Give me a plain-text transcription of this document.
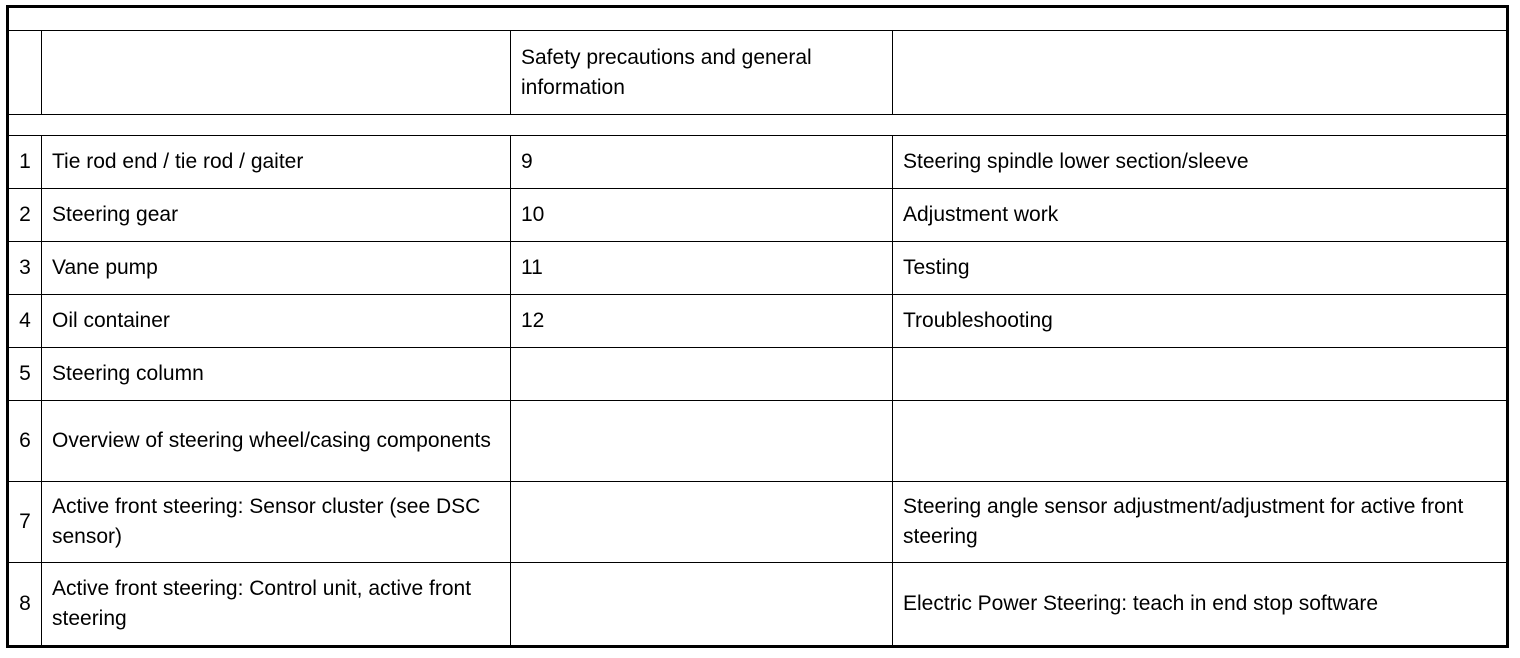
		Safety precautions and general information	

1	Tie rod end / tie rod / gaiter	9	Steering spindle lower section/sleeve
2	Steering gear	10	Adjustment work
3	Vane pump	11	Testing
4	Oil container	12	Troubleshooting
5	Steering column		
6	Overview of steering wheel/casing components		
7	Active front steering: Sensor cluster (see DSC sensor)		Steering angle sensor adjustment/adjustment for active front steering
8	Active front steering: Control unit, active front steering		Electric Power Steering: teach in end stop software
